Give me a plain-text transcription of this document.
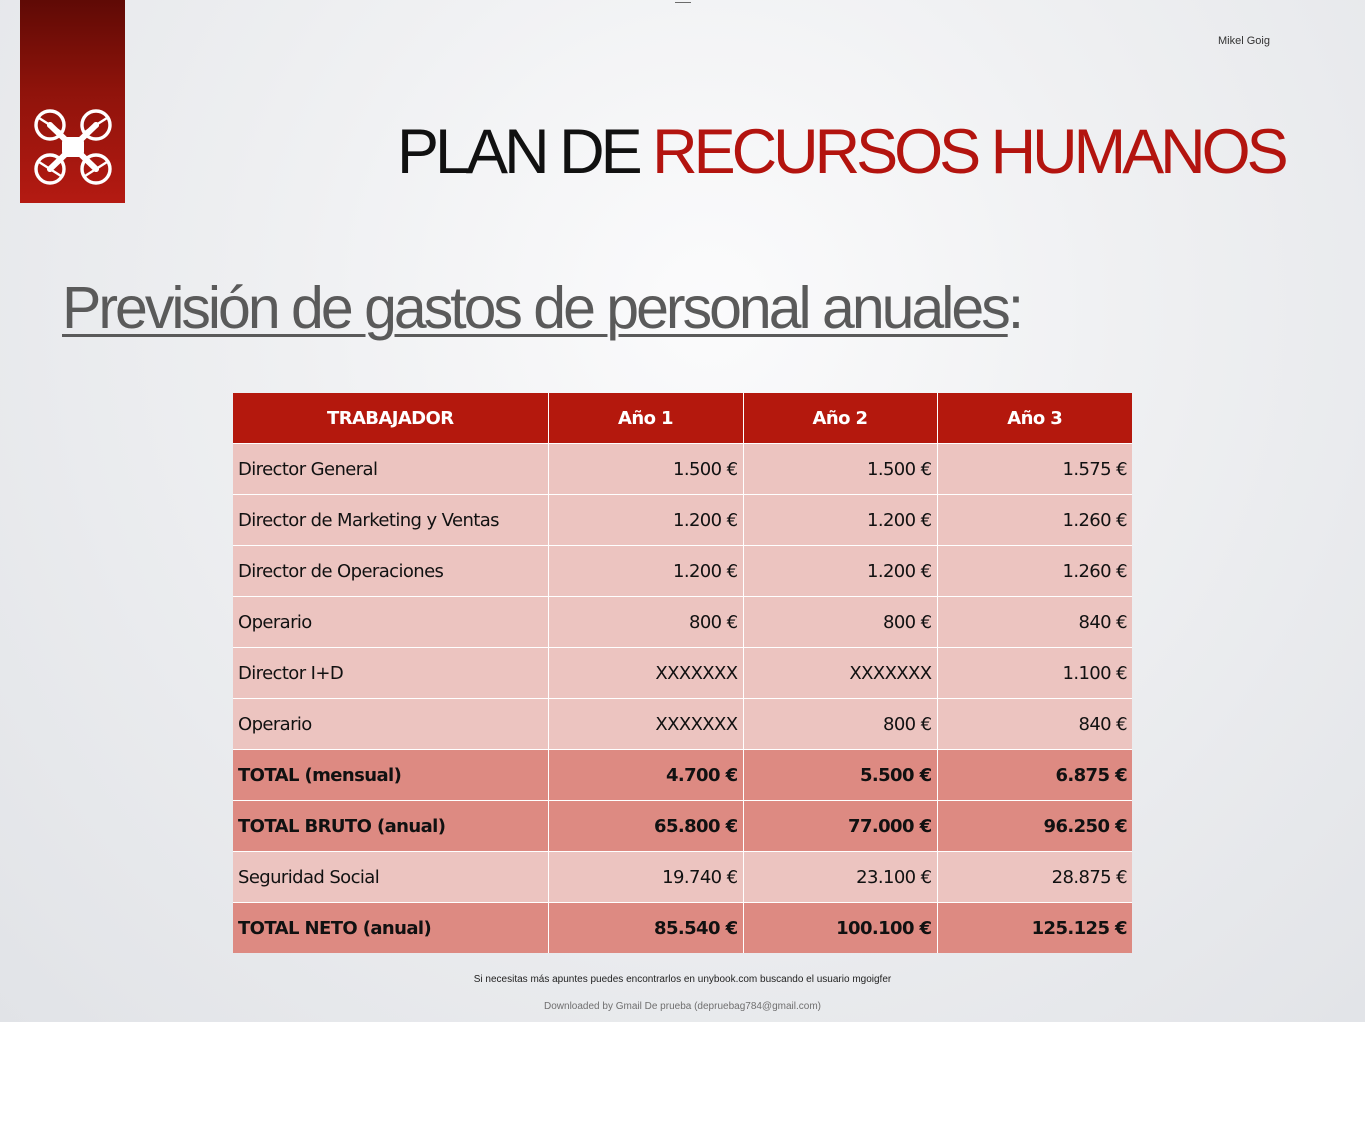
Mikel Goig
PLAN DE RECURSOS HUMANOS
Previsión de gastos de personal anuales:
TRABAJADOR	Año 1	Año 2	Año 3
Director General	1.500 €	1.500 €	1.575 €
Director de Marketing y Ventas	1.200 €	1.200 €	1.260 €
Director de Operaciones	1.200 €	1.200 €	1.260 €
Operario	800 €	800 €	840 €
Director I+D	XXXXXXX	XXXXXXX	1.100 €
Operario	XXXXXXX	800 €	840 €
TOTAL (mensual)	4.700 €	5.500 €	6.875 €
TOTAL BRUTO (anual)	65.800 €	77.000 €	96.250 €
Seguridad Social	19.740 €	23.100 €	28.875 €
TOTAL NETO (anual)	85.540 €	100.100 €	125.125 €
Si necesitas más apuntes puedes encontrarlos en unybook.com buscando el usuario mgoigfer
Downloaded by Gmail De prueba (depruebag784@gmail.com)
